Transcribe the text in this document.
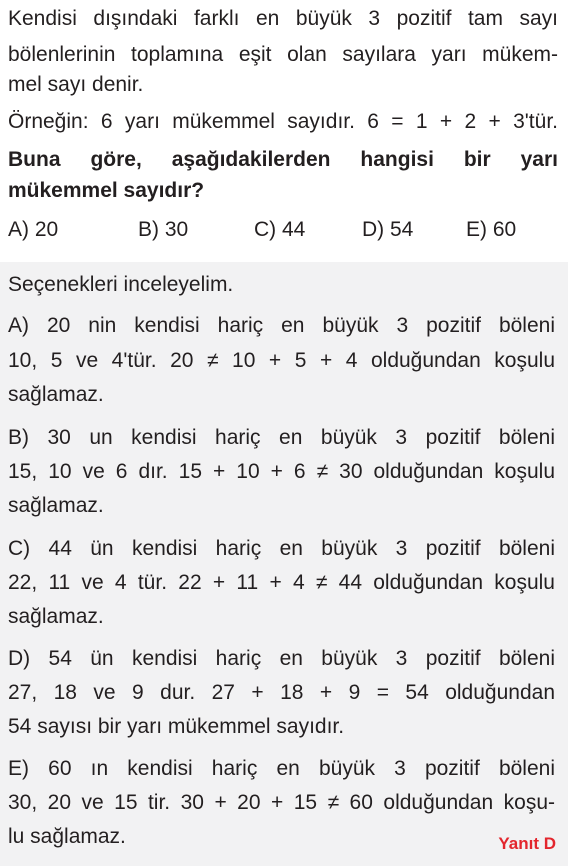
Kendisi dışındaki farklı en büyük 3 pozitif tam sayı
bölenlerinin toplamına eşit olan sayılara yarı mükem-
mel sayı denir.
Örneğin: 6 yarı mükemmel sayıdır. 6 = 1 + 2 + 3'tür.
Buna göre, aşağıdakilerden hangisi bir yarı
mükemmel sayıdır?
A) 20	B) 30	C) 44	D) 54	E) 60
Seçenekleri inceleyelim.
A) 20 nin kendisi hariç en büyük 3 pozitif böleni
10, 5 ve 4'tür. 20 ≠ 10 + 5 + 4 olduğundan koşulu
sağlamaz.
B) 30 un kendisi hariç en büyük 3 pozitif böleni
15, 10 ve 6 dır. 15 + 10 + 6 ≠ 30 olduğundan koşulu
sağlamaz.
C) 44 ün kendisi hariç en büyük 3 pozitif böleni
22, 11 ve 4 tür. 22 + 11 + 4 ≠ 44 olduğundan koşulu
sağlamaz.
D) 54 ün kendisi hariç en büyük 3 pozitif böleni
27, 18 ve 9 dur. 27 + 18 + 9 = 54 olduğundan
54 sayısı bir yarı mükemmel sayıdır.
E) 60 ın kendisi hariç en büyük 3 pozitif böleni
30, 20 ve 15 tir. 30 + 20 + 15 ≠ 60 olduğundan koşu-
lu sağlamaz.	Yanıt D
